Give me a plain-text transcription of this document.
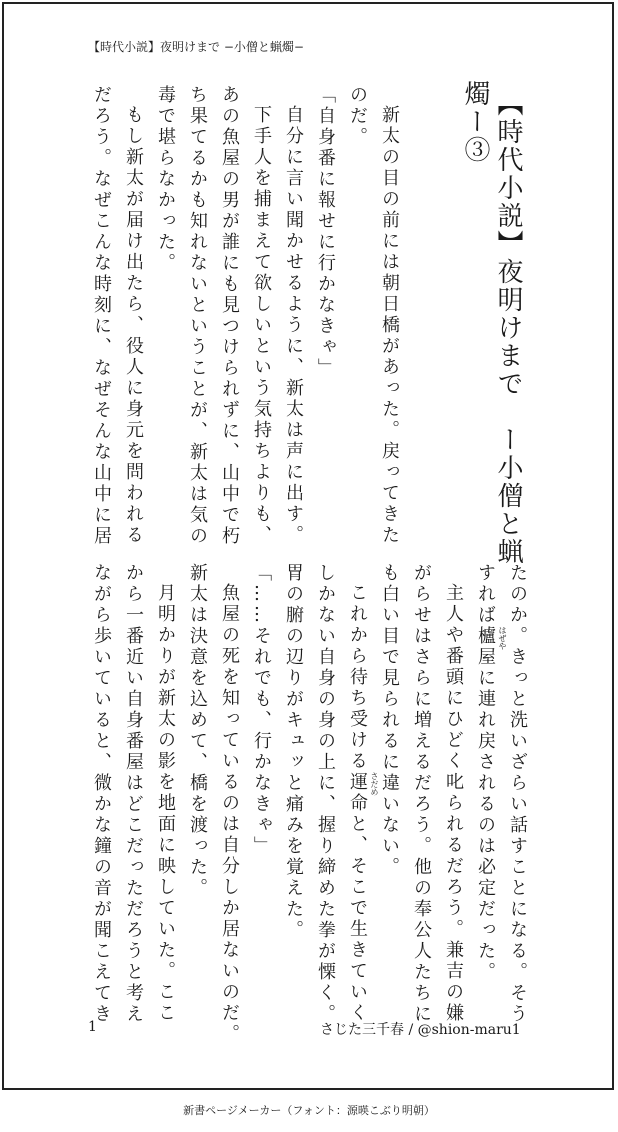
【時代小説】夜明けまで −小僧と蝋燭−
【時代小説】夜明けまで　ー小僧と蝋
燭ー③
新太の目の前には朝日橋があった。戻ってきた
のだ。
「自身番に報せに行かなきゃ」
自分に言い聞かせるように、新太は声に出す。
下手人を捕まえて欲しいという気持ちよりも、
あの魚屋の男が誰にも見つけられずに、山中で朽
ち果てるかも知れないということが、新太は気の
毒で堪らなかった。
もし新太が届け出たら、役人に身元を問われる
だろう。なぜこんな時刻に、なぜそんな山中に居
たのか。きっと洗いざらい話すことになる。そう
すれば櫨屋 はぜや
に連れ戻されるのは必定だった。
主人や番頭にひどく叱られるだろう。兼吉の嫌
がらせはさらに増えるだろう。他の奉公人たちに
も白い目で見られるに違いない。
これから待ち受ける運命 さだめ
と、そこで生きていく
しかない自身の身の上に、握り締めた拳が慄く。
胃の腑の辺りがキュッと痛みを覚えた。
「……それでも、行かなきゃ」
魚屋の死を知っているのは自分しか居ないのだ。
新太は決意を込めて、橋を渡った。
月明かりが新太の影を地面に映していた。ここ
から一番近い自身番屋はどこだっただろうと考え
ながら歩いていると、微かな鐘の音が聞こえてき
1	さじた三千春 / @shion-maru1
新書ページメーカー（フォント：源暎こぶり明朝）
